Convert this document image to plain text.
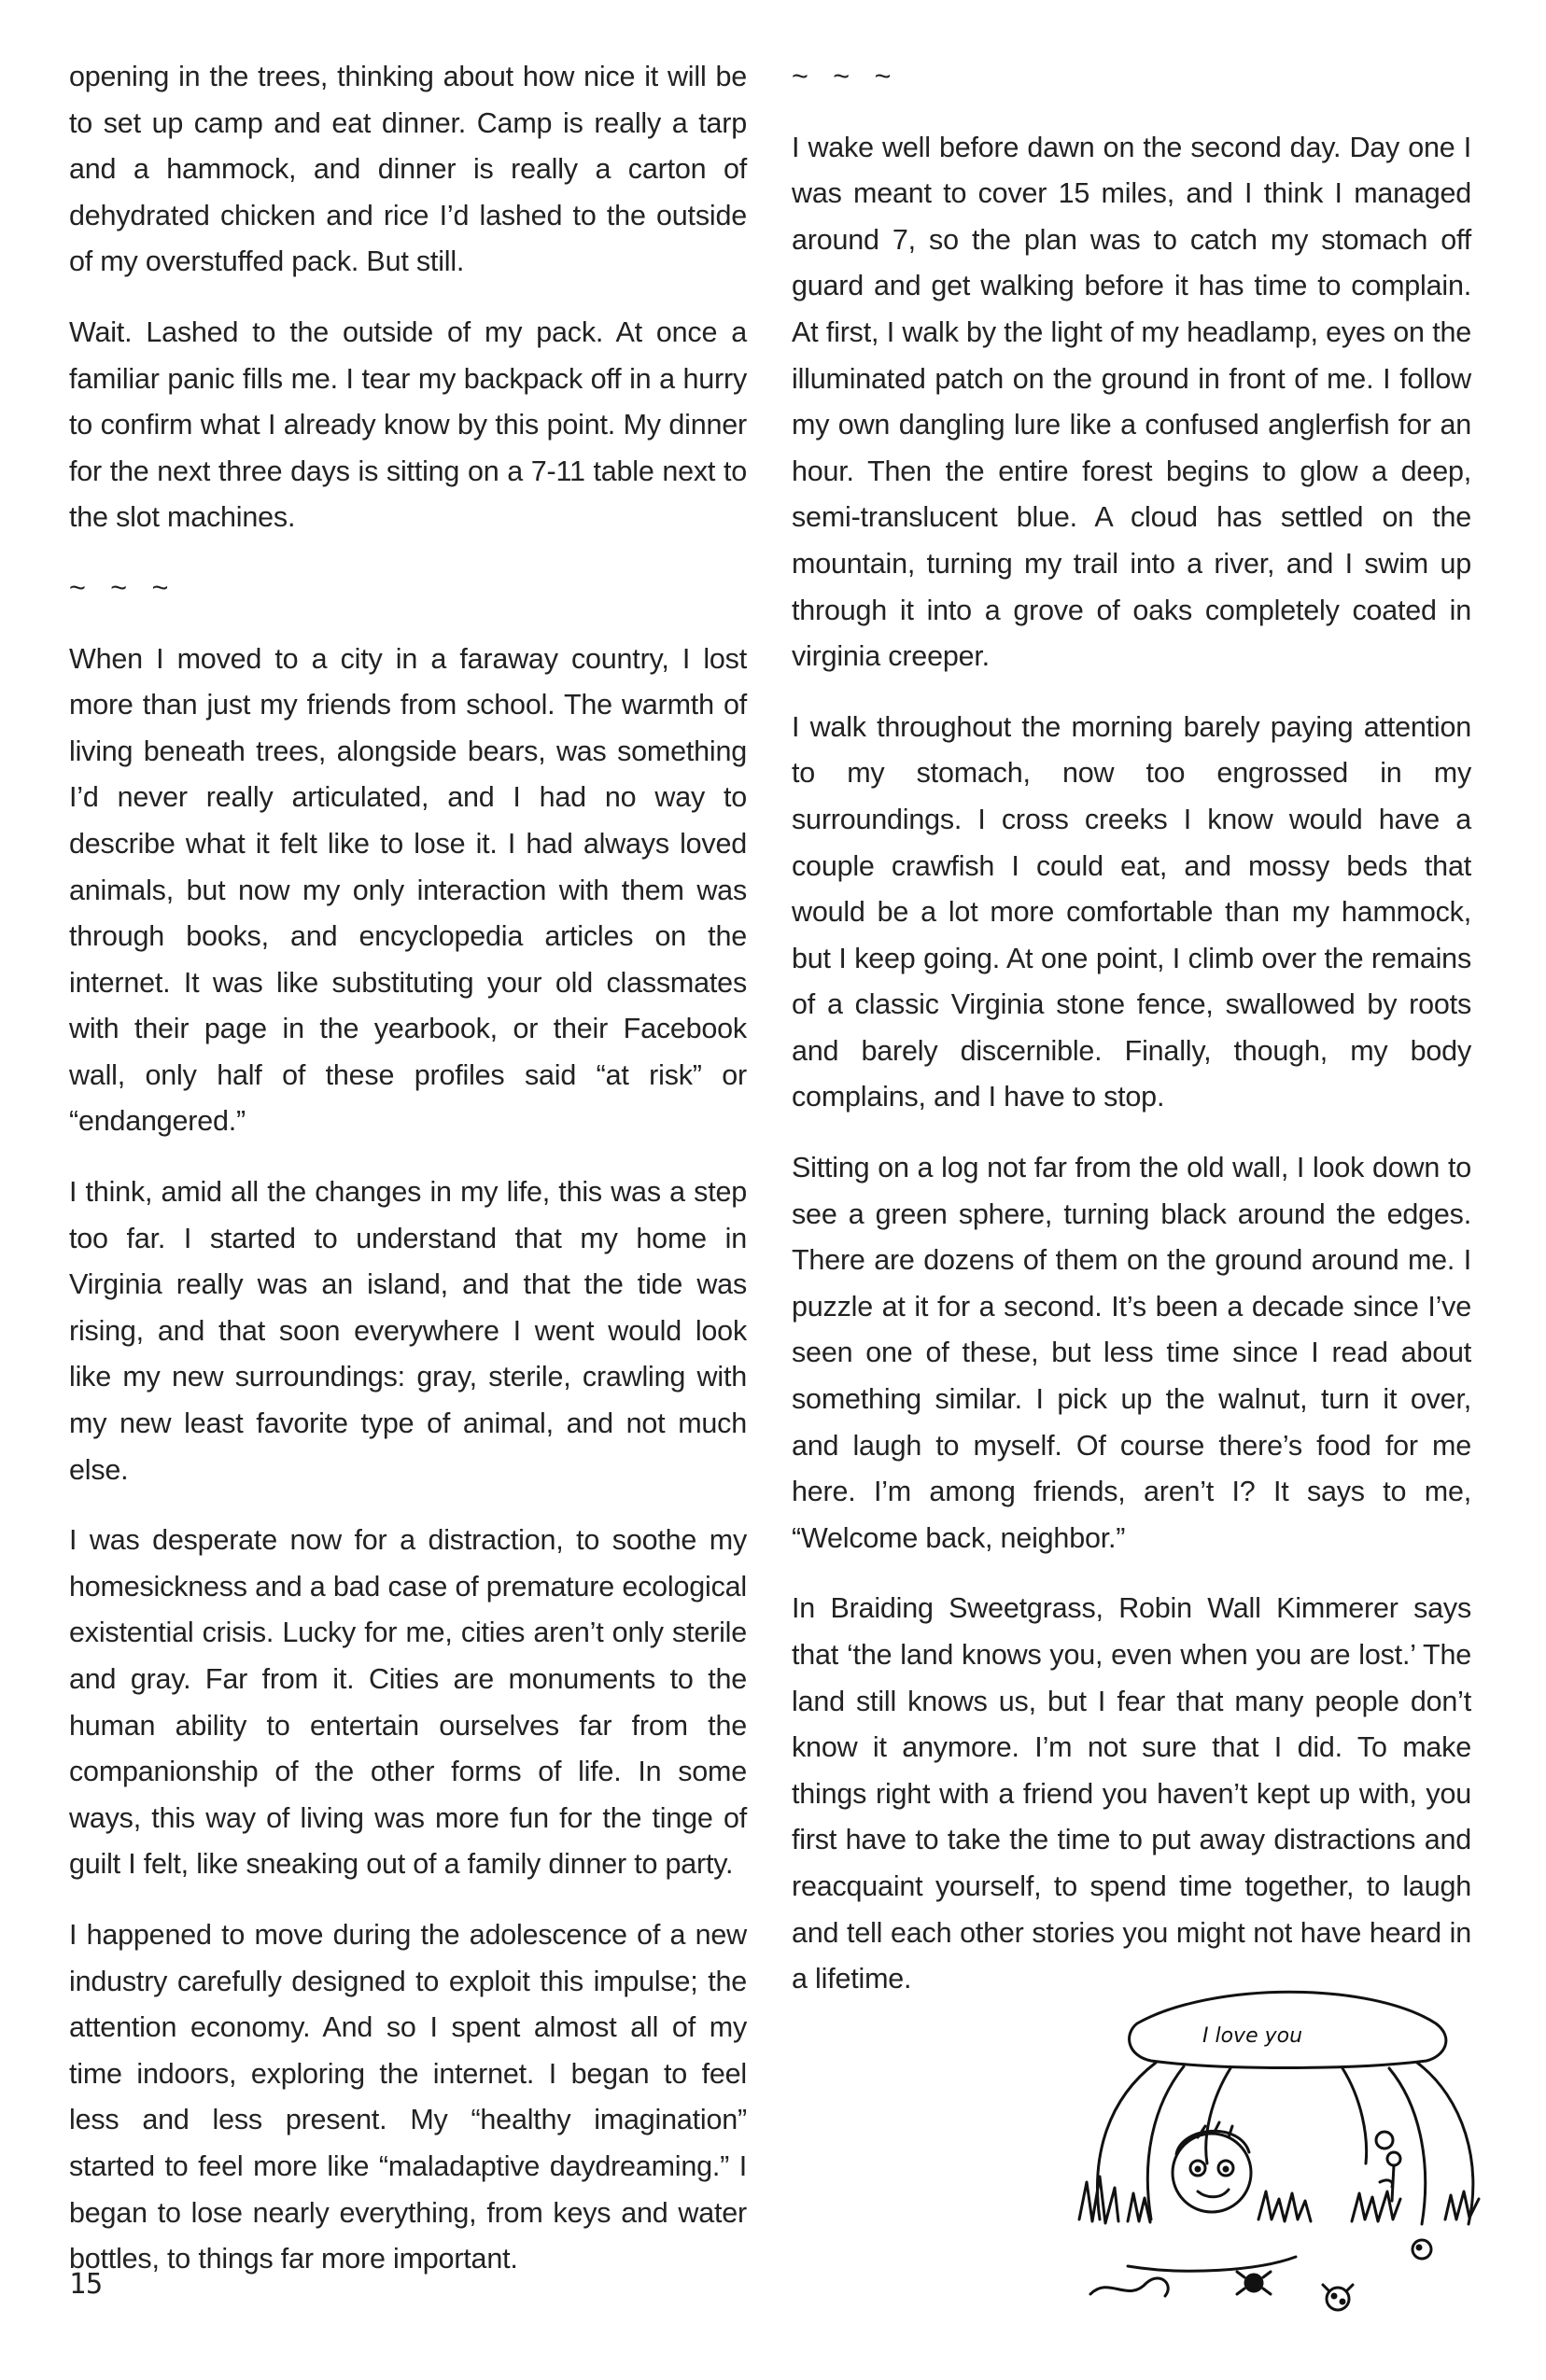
opening in the trees, thinking about how nice it will be to set up camp and eat dinner. Camp is really a tarp and a hammock, and dinner is really a carton of dehydrated chicken and rice I’d lashed to the outside of my overstuffed pack. But still.

Wait. Lashed to the outside of my pack. At once a familiar panic fills me. I tear my backpack off in a hurry to confirm what I already know by this point. My dinner for the next three days is sitting on a 7-11 table next to the slot machines.

~ ~ ~

When I moved to a city in a faraway country, I lost more than just my friends from school. The warmth of living beneath trees, alongside bears, was something I’d never really articulated, and I had no way to describe what it felt like to lose it. I had always loved animals, but now my only interaction with them was through books, and encyclopedia articles on the internet. It was like substituting your old classmates with their page in the yearbook, or their Facebook wall, only half of these profiles said “at risk” or “endangered.”

I think, amid all the changes in my life, this was a step too far. I started to understand that my home in Virginia really was an island, and that the tide was rising, and that soon everywhere I went would look like my new surroundings: gray, sterile, crawling with my new least favorite type of animal, and not much else.

I was desperate now for a distraction, to soothe my homesickness and a bad case of premature ecological existential crisis. Lucky for me, cities aren’t only sterile and gray. Far from it. Cities are monuments to the human ability to entertain ourselves far from the companionship of the other forms of life. In some ways, this way of living was more fun for the tinge of guilt I felt, like sneaking out of a family dinner to party.

I happened to move during the adolescence of a new industry carefully designed to exploit this impulse; the attention economy. And so I spent almost all of my time indoors, exploring the internet. I began to feel less and less present. My “healthy imagination” started to feel more like “maladaptive daydreaming.” I began to lose nearly everything, from keys and water bottles, to things far more important.

~ ~ ~

I wake well before dawn on the second day. Day one I was meant to cover 15 miles, and I think I managed around 7, so the plan was to catch my stomach off guard and get walking before it has time to complain. At first, I walk by the light of my headlamp, eyes on the illuminated patch on the ground in front of me. I follow my own dangling lure like a confused anglerfish for an hour. Then the entire forest begins to glow a deep, semi-translucent blue. A cloud has settled on the mountain, turning my trail into a river, and I swim up through it into a grove of oaks completely coated in virginia creeper.

I walk throughout the morning barely paying attention to my stomach, now too engrossed in my surroundings. I cross creeks I know would have a couple crawfish I could eat, and mossy beds that would be a lot more comfortable than my hammock, but I keep going. At one point, I climb over the remains of a classic Virginia stone fence, swallowed by roots and barely discernible. Finally, though, my body complains, and I have to stop.

Sitting on a log not far from the old wall, I look down to see a green sphere, turning black around the edges. There are dozens of them on the ground around me. I puzzle at it for a second. It’s been a decade since I’ve seen one of these, but less time since I read about something similar. I pick up the walnut, turn it over, and laugh to myself. Of course there’s food for me here. I’m among friends, aren’t I? It says to me, “Welcome back, neighbor.”

In Braiding Sweetgrass, Robin Wall Kimmerer says that ‘the land knows you, even when you are lost.’ The land still knows us, but I fear that many people don’t know it anymore. I’m not sure that I did. To make things right with a friend you haven’t kept up with, you first have to take the time to put away distractions and reacquaint yourself, to spend time together, to laugh and tell each other stories you might not have heard in a lifetime.

I love you
15
